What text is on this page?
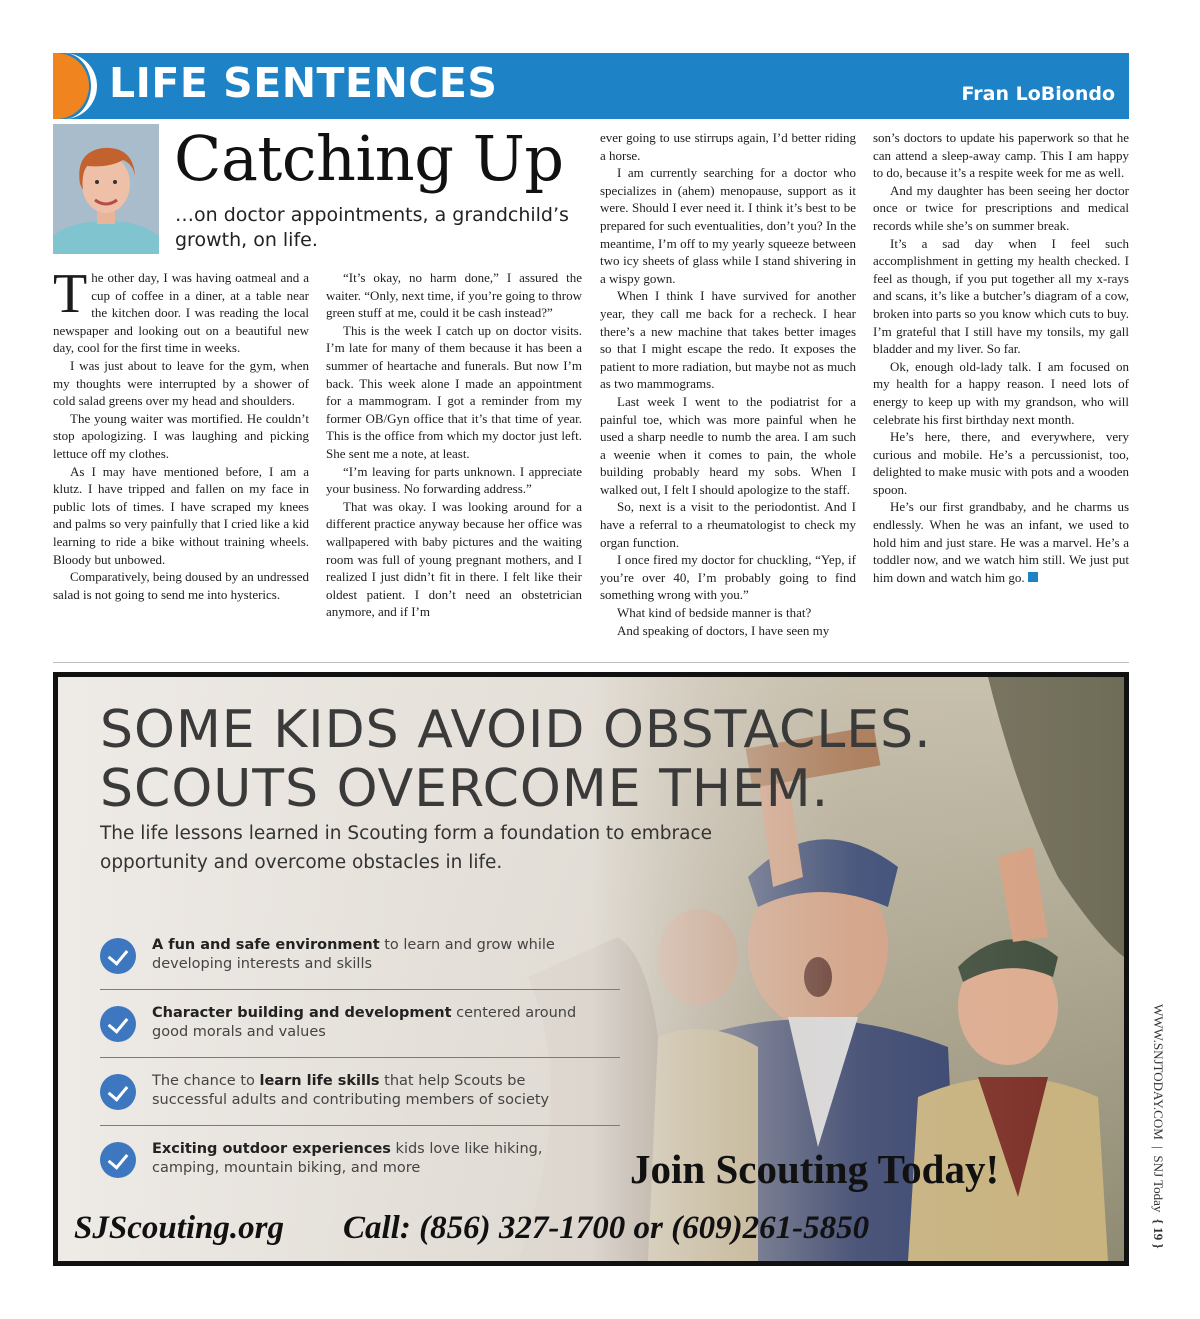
LIFE SENTENCES	Fran LoBiondo
Catching Up
…on doctor appointments, a grandchild’s growth, on life.

The other day, I was having oatmeal and a cup of coffee in a diner, at a table near the kitchen door. I was reading the local newspaper and looking out on a beautiful new day, cool for the first time in weeks.

I was just about to leave for the gym, when my thoughts were interrupted by a shower of cold salad greens over my head and shoulders.

The young waiter was mortified. He couldn’t stop apologizing. I was laughing and picking lettuce off my clothes.

As I may have mentioned before, I am a klutz. I have tripped and fallen on my face in public lots of times. I have scraped my knees and palms so very painfully that I cried like a kid learning to ride a bike without training wheels. Bloody but unbowed.

Comparatively, being doused by an undressed salad is not going to send me into hysterics.

“It’s okay, no harm done,” I assured the waiter. “Only, next time, if you’re going to throw green stuff at me, could it be cash instead?”

This is the week I catch up on doctor visits. I’m late for many of them because it has been a summer of heartache and funerals. But now I’m back. This week alone I made an appointment for a mammogram. I got a reminder from my former OB/Gyn office that it’s that time of year. This is the office from which my doctor just left. She sent me a note, at least.

“I’m leaving for parts unknown. I appreciate your business. No forwarding address.”

That was okay. I was looking around for a different practice anyway because her office was wallpapered with baby pictures and the waiting room was full of young pregnant mothers, and I realized I just didn’t fit in there. I felt like their oldest patient. I don’t need an obstetrician anymore, and if I’m

ever going to use stirrups again, I’d better riding a horse.

I am currently searching for a doctor who specializes in (ahem) menopause, support as it were. Should I ever need it. I think it’s best to be prepared for such eventualities, don’t you? In the meantime, I’m off to my yearly squeeze between two icy sheets of glass while I stand shivering in a wispy gown.

When I think I have survived for another year, they call me back for a recheck. I hear there’s a new machine that takes better images so that I might escape the redo. It exposes the patient to more radiation, but maybe not as much as two mammograms.

Last week I went to the podiatrist for a painful toe, which was more painful when he used a sharp needle to numb the area. I am such a weenie when it comes to pain, the whole building probably heard my sobs. When I walked out, I felt I should apologize to the staff.

So, next is a visit to the periodontist. And I have a referral to a rheumatologist to check my organ function.

I once fired my doctor for chuckling, “Yep, if you’re over 40, I’m probably going to find something wrong with you.”

What kind of bedside manner is that?

And speaking of doctors, I have seen my

son’s doctors to update his paperwork so that he can attend a sleep-away camp. This I am happy to do, because it’s a respite week for me as well.

And my daughter has been seeing her doctor once or twice for prescriptions and medical records while she’s on summer break.

It’s a sad day when I feel such accomplishment in getting my health checked. I feel as though, if you put together all my x-rays and scans, it’s like a butcher’s diagram of a cow, broken into parts so you know which cuts to buy. I’m grateful that I still have my tonsils, my gall bladder and my liver. So far.

Ok, enough old-lady talk. I am focused on my health for a happy reason. I need lots of energy to keep up with my grandson, who will celebrate his first birthday next month.

He’s here, there, and everywhere, very curious and mobile. He’s a percussionist, too, delighted to make music with pots and a wooden spoon.

He’s our first grandbaby, and he charms us endlessly. When he was an infant, we used to hold him and just stare. He was a marvel. He’s a toddler now, and we watch him still. We just put him down and watch him go.

SOME KIDS AVOID OBSTACLES.
SCOUTS OVERCOME THEM.
The life lessons learned in Scouting form a foundation to embrace opportunity and overcome obstacles in life.
A fun and safe environment to learn and grow while developing interests and skills
Character building and development centered around good morals and values
The chance to learn life skills that help Scouts be successful adults and contributing members of society
Exciting outdoor experiences kids love like hiking, camping, mountain biking, and more	Join Scouting Today!
SJScouting.org Call: (856) 327-1700 or (609)261-5850
WWW.SNJTODAY.COM  |  SNJ Today  { 19 }
